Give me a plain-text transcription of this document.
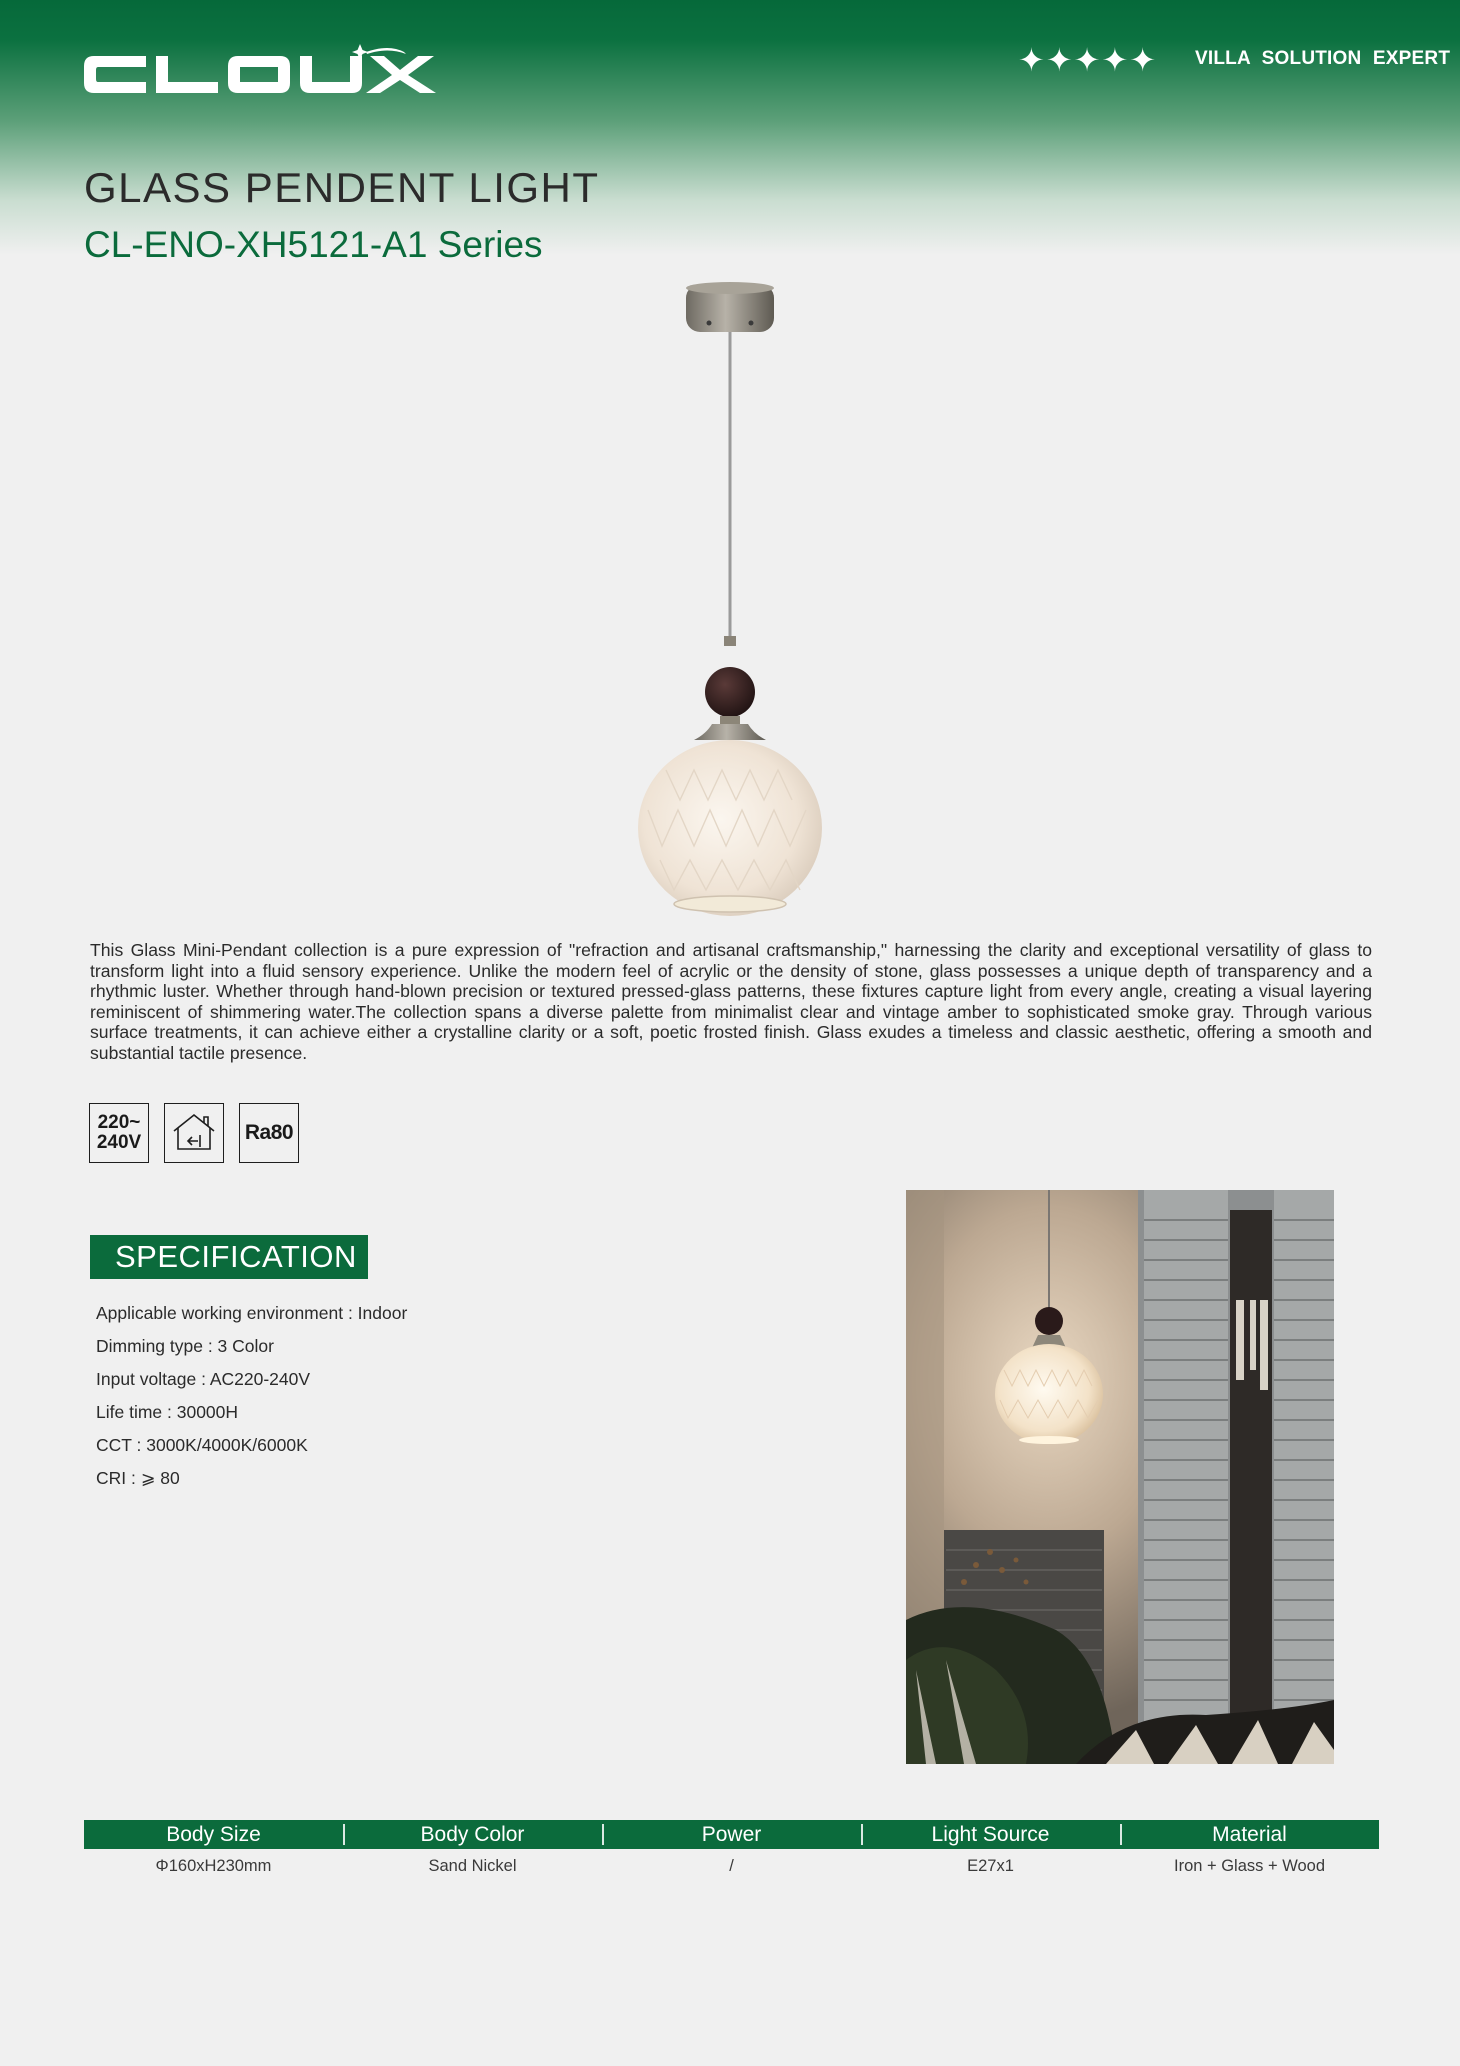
✦✦✦✦✦ VILLA SOLUTION EXPERT
GLASS PENDENT LIGHT
CL-ENO-XH5121-A1 Series

This Glass Mini-Pendant collection is a pure expression of "refraction and artisanal craftsmanship," harnessing the clarity and exceptional versatility of glass to transform light into a fluid sensory experience. Unlike the modern feel of acrylic or the density of stone, glass possesses a unique depth of transparency and a rhythmic luster. Whether through hand-blown precision or textured pressed-glass patterns, these fixtures capture light from every angle, creating a visual layering reminiscent of shimmering water.The collection spans a diverse palette from minimalist clear and vintage amber to sophisticated smoke gray. Through various surface treatments, it can achieve either a crystalline clarity or a soft, poetic frosted finish. Glass exudes a timeless and classic aesthetic, offering a smooth and substantial tactile presence.

220~
240V	Ra80
SPECIFICATION
Applicable working environment : Indoor
Dimming type : 3 Color
Input voltage : AC220-240V
Life time : 30000H
CCT : 3000K/4000K/6000K
CRI : ⩾ 80
Body Size	Body Color	Power	Light Source	Material
Φ160xH230mm	Sand Nickel	/	E27x1	Iron + Glass + Wood
